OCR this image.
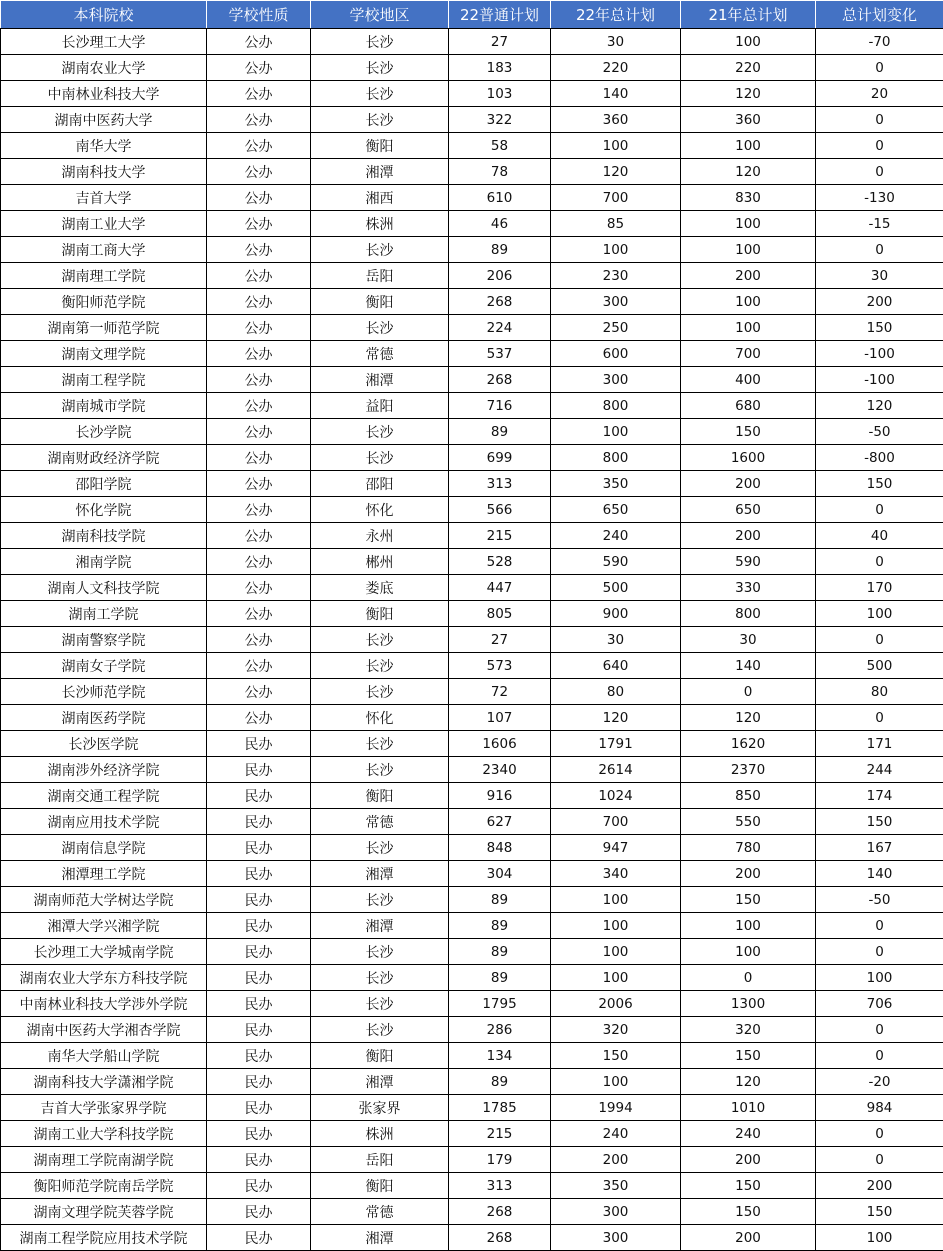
本科院校	学校性质	学校地区	22普通计划	22年总计划	21年总计划	总计划变化
长沙理工大学	公办	长沙	27	30	100	-70
湖南农业大学	公办	长沙	183	220	220	0
中南林业科技大学	公办	长沙	103	140	120	20
湖南中医药大学	公办	长沙	322	360	360	0
南华大学	公办	衡阳	58	100	100	0
湖南科技大学	公办	湘潭	78	120	120	0
吉首大学	公办	湘西	610	700	830	-130
湖南工业大学	公办	株洲	46	85	100	-15
湖南工商大学	公办	长沙	89	100	100	0
湖南理工学院	公办	岳阳	206	230	200	30
衡阳师范学院	公办	衡阳	268	300	100	200
湖南第一师范学院	公办	长沙	224	250	100	150
湖南文理学院	公办	常德	537	600	700	-100
湖南工程学院	公办	湘潭	268	300	400	-100
湖南城市学院	公办	益阳	716	800	680	120
长沙学院	公办	长沙	89	100	150	-50
湖南财政经济学院	公办	长沙	699	800	1600	-800
邵阳学院	公办	邵阳	313	350	200	150
怀化学院	公办	怀化	566	650	650	0
湖南科技学院	公办	永州	215	240	200	40
湘南学院	公办	郴州	528	590	590	0
湖南人文科技学院	公办	娄底	447	500	330	170
湖南工学院	公办	衡阳	805	900	800	100
湖南警察学院	公办	长沙	27	30	30	0
湖南女子学院	公办	长沙	573	640	140	500
长沙师范学院	公办	长沙	72	80	0	80
湖南医药学院	公办	怀化	107	120	120	0
长沙医学院	民办	长沙	1606	1791	1620	171
湖南涉外经济学院	民办	长沙	2340	2614	2370	244
湖南交通工程学院	民办	衡阳	916	1024	850	174
湖南应用技术学院	民办	常德	627	700	550	150
湖南信息学院	民办	长沙	848	947	780	167
湘潭理工学院	民办	湘潭	304	340	200	140
湖南师范大学树达学院	民办	长沙	89	100	150	-50
湘潭大学兴湘学院	民办	湘潭	89	100	100	0
长沙理工大学城南学院	民办	长沙	89	100	100	0
湖南农业大学东方科技学院	民办	长沙	89	100	0	100
中南林业科技大学涉外学院	民办	长沙	1795	2006	1300	706
湖南中医药大学湘杏学院	民办	长沙	286	320	320	0
南华大学船山学院	民办	衡阳	134	150	150	0
湖南科技大学潇湘学院	民办	湘潭	89	100	120	-20
吉首大学张家界学院	民办	张家界	1785	1994	1010	984
湖南工业大学科技学院	民办	株洲	215	240	240	0
湖南理工学院南湖学院	民办	岳阳	179	200	200	0
衡阳师范学院南岳学院	民办	衡阳	313	350	150	200
湖南文理学院芙蓉学院	民办	常德	268	300	150	150
湖南工程学院应用技术学院	民办	湘潭	268	300	200	100
